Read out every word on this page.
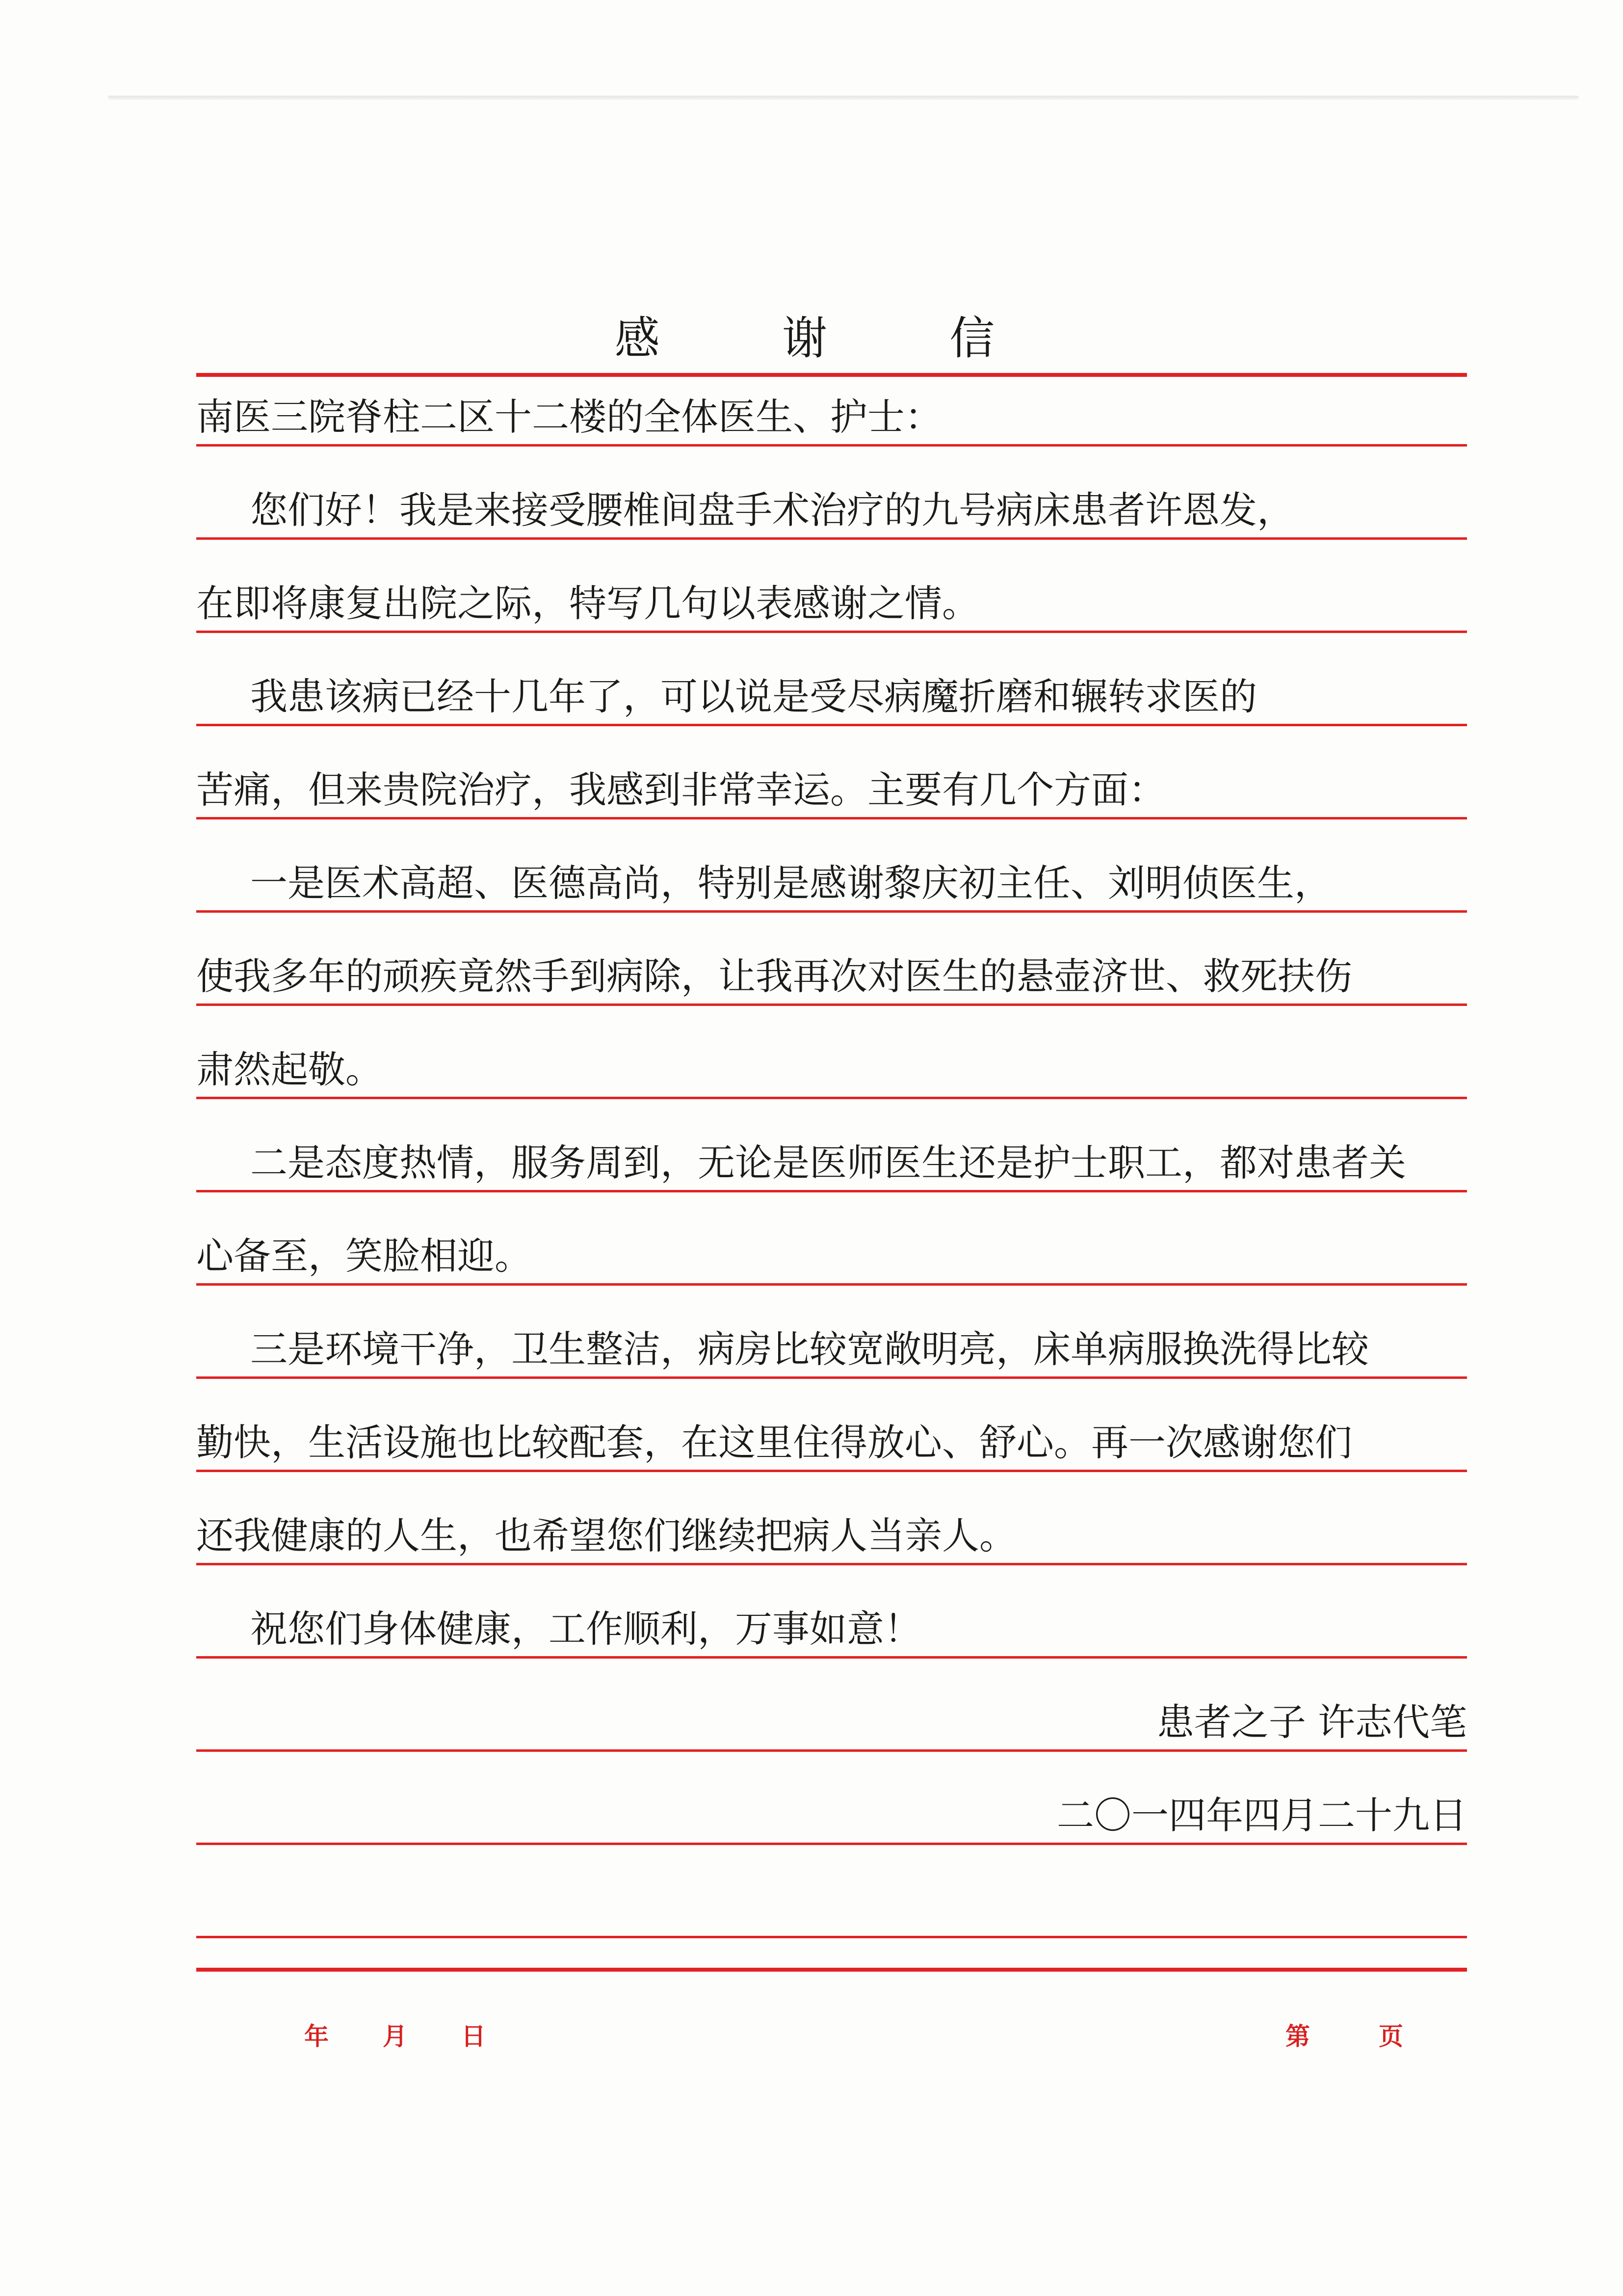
感 谢 信
南医三院脊柱二区十二楼的全体医生、护士：
您们好！我是来接受腰椎间盘手术治疗的九号病床患者许恩发，
在即将康复出院之际，特写几句以表感谢之情。
我患该病已经十几年了，可以说是受尽病魔折磨和辗转求医的
苦痛，但来贵院治疗，我感到非常幸运。主要有几个方面：
一是医术高超、医德高尚，特别是感谢黎庆初主任、刘明侦医生，
使我多年的顽疾竟然手到病除，让我再次对医生的悬壶济世、救死扶伤
肃然起敬。
二是态度热情，服务周到，无论是医师医生还是护士职工，都对患者关
心备至，笑脸相迎。
三是环境干净，卫生整洁，病房比较宽敞明亮，床单病服换洗得比较
勤快，生活设施也比较配套，在这里住得放心、舒心。再一次感谢您们
还我健康的人生，也希望您们继续把病人当亲人。
祝您们身体健康，工作顺利，万事如意！
患者之子 许志代笔
二〇一四年四月二十九日
年 月 日	第	页
